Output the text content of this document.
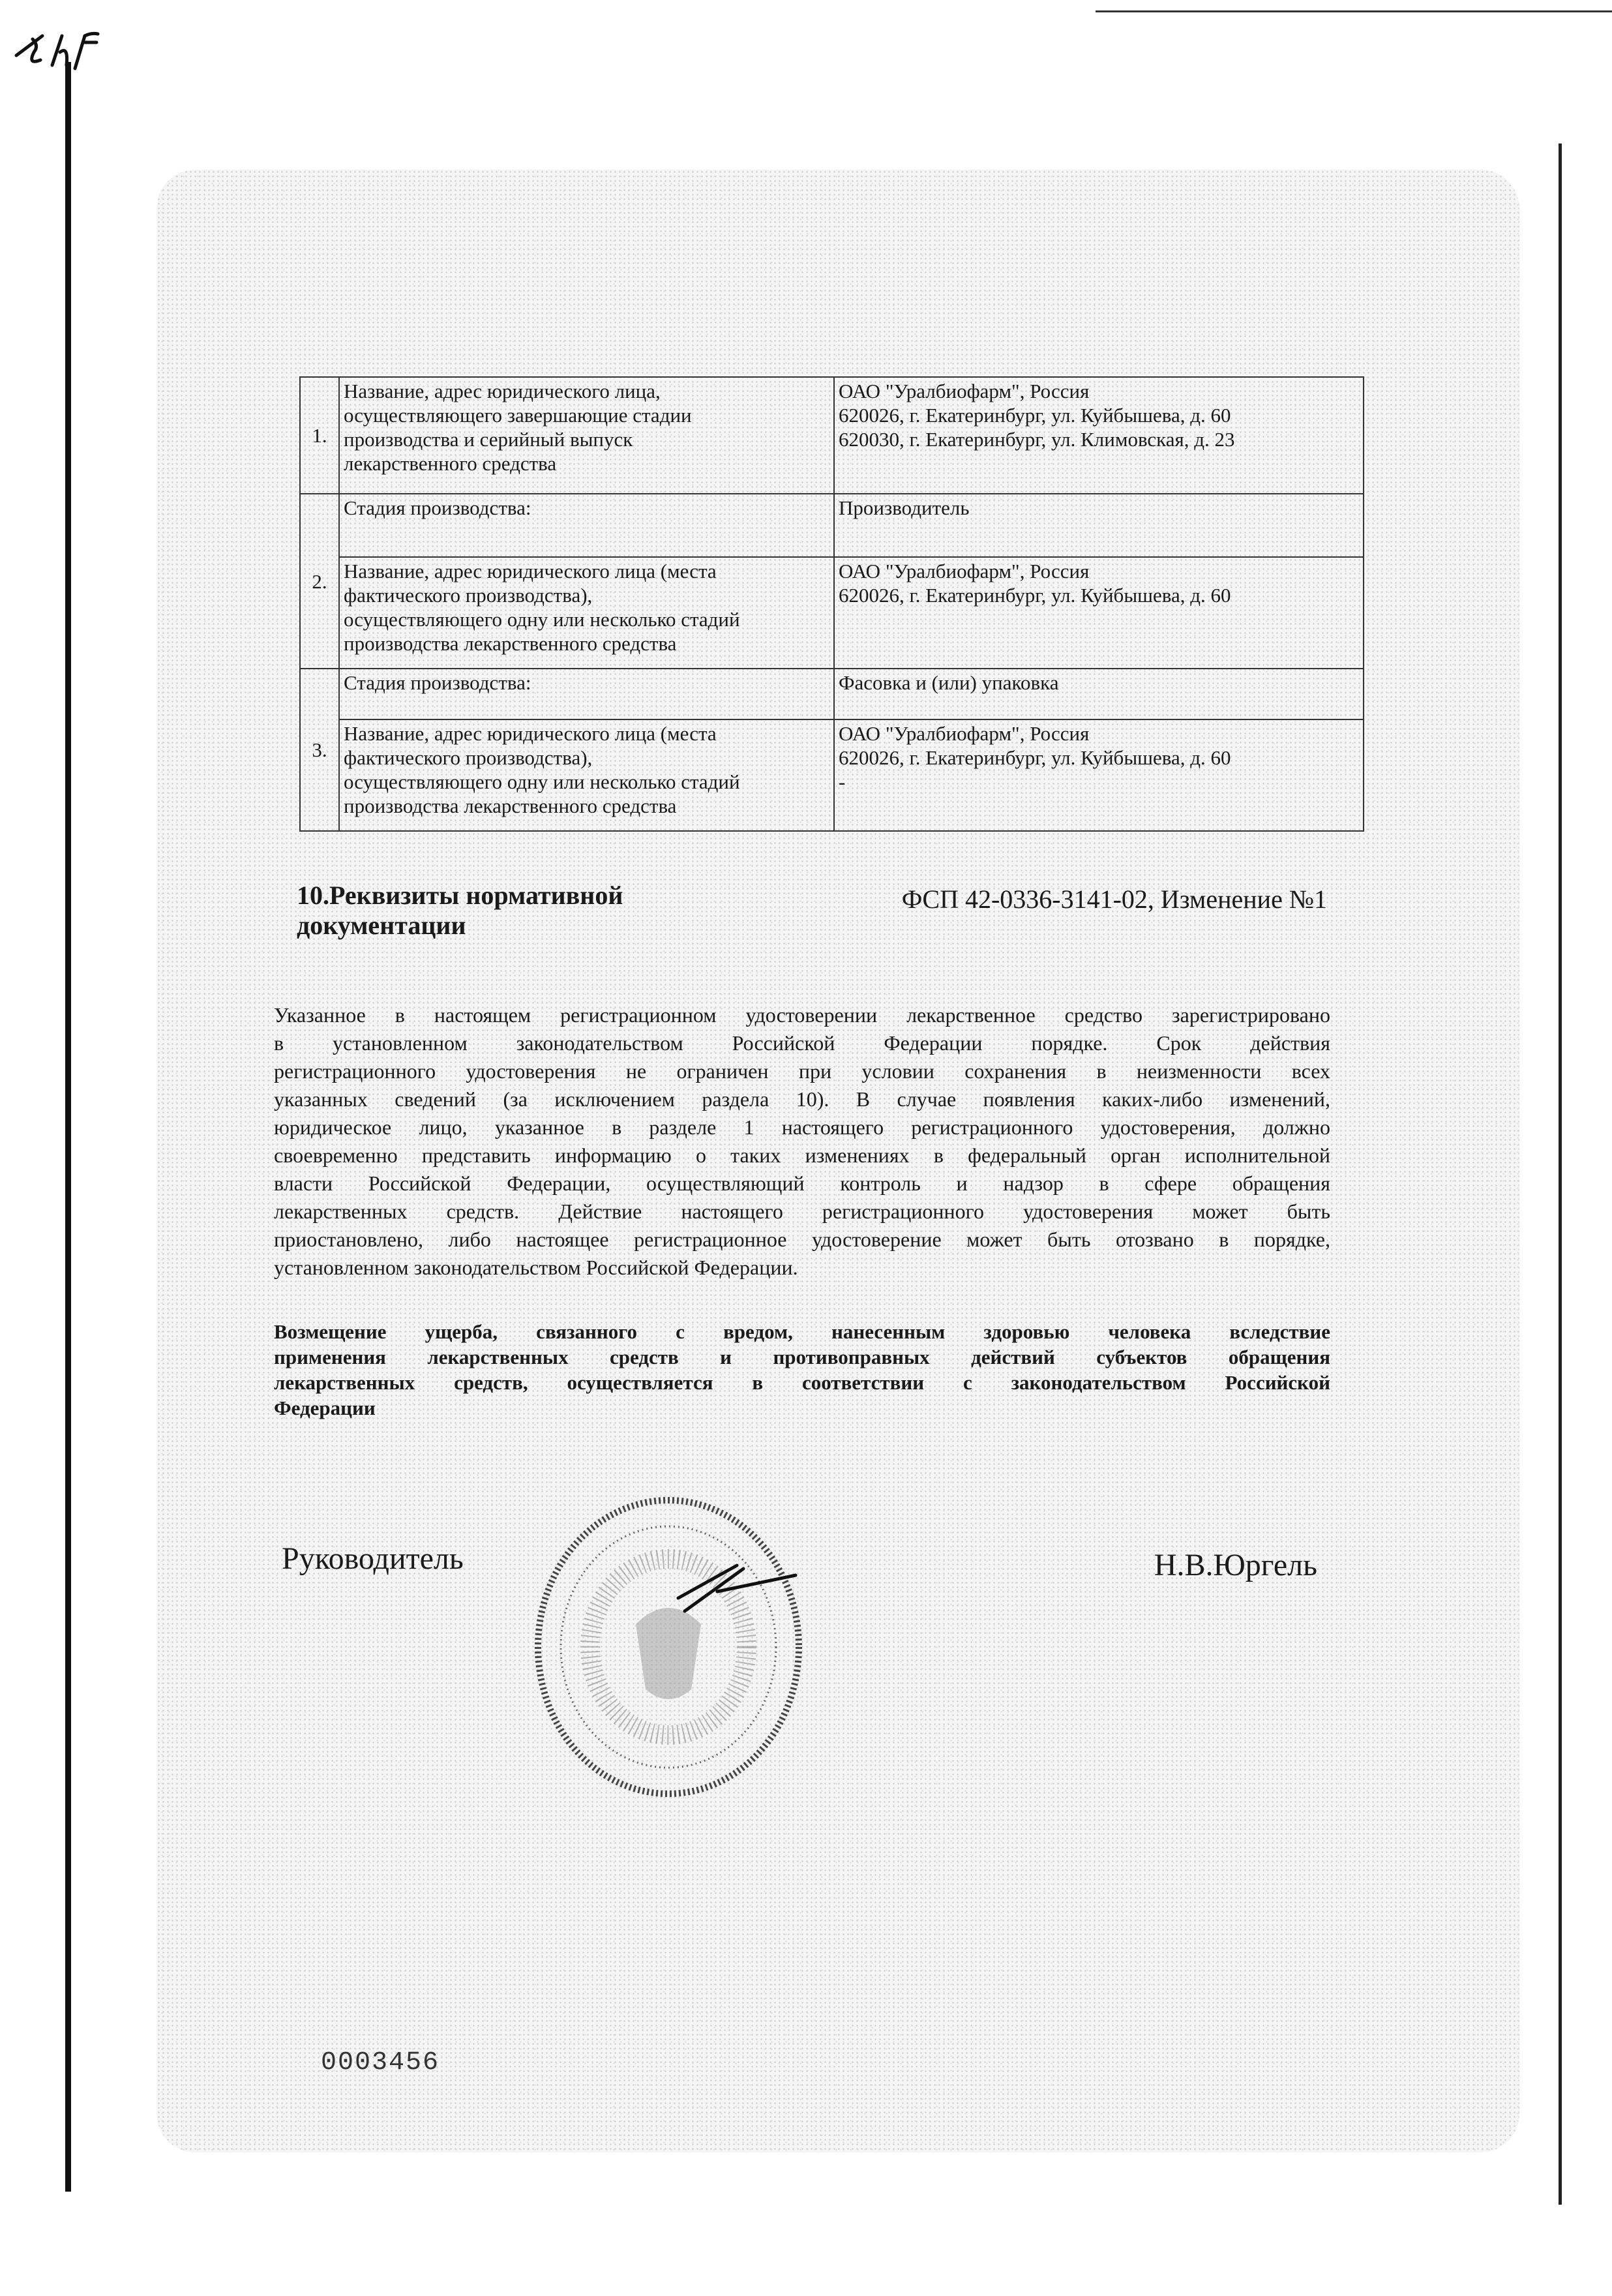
1.	Название, адрес юридического лица,
осуществляющего завершающие стадии
производства и серийный выпуск
лекарственного средства	ОАО "Уралбиофарм", Россия
620026, г. Екатеринбург, ул. Куйбышева, д. 60
620030, г. Екатеринбург, ул. Климовская, д. 23

2.	Стадия производства:	Производитель

	Название, адрес юридического лица (места
фактического производства),
осуществляющего одну или несколько стадий
производства лекарственного средства	ОАО "Уралбиофарм", Россия
620026, г. Екатеринбург, ул. Куйбышева, д. 60

3.	Стадия производства:	Фасовка и (или) упаковка

	Название, адрес юридического лица (места
фактического производства),
осуществляющего одну или несколько стадий
производства лекарственного средства	ОАО "Уралбиофарм", Россия
620026, г. Екатеринбург, ул. Куйбышева, д. 60
-
10.Реквизиты нормативной документации
ФСП 42-0336-3141-02, Изменение №1
Указанное в настоящем регистрационном удостоверении лекарственное средство зарегистрировано
в установленном законодательством Российской Федерации порядке. Срок действия
регистрационного удостоверения не ограничен при условии сохранения в неизменности всех
указанных сведений (за исключением раздела 10). В случае появления каких-либо изменений,
юридическое лицо, указанное в разделе 1 настоящего регистрационного удостоверения, должно
своевременно представить информацию о таких изменениях в федеральный орган исполнительной
власти Российской Федерации, осуществляющий контроль и надзор в сфере обращения
лекарственных средств. Действие настоящего регистрационного удостоверения может быть
приостановлено, либо настоящее регистрационное удостоверение может быть отозвано в порядке,
установленном законодательством Российской Федерации.
Возмещение ущерба, связанного с вредом, нанесенным здоровью человека вследствие
применения лекарственных средств и противоправных действий субъектов обращения
лекарственных средств, осуществляется в соответствии с законодательством Российской
Федерации
Руководитель	Н.В.Юргель
0003456
